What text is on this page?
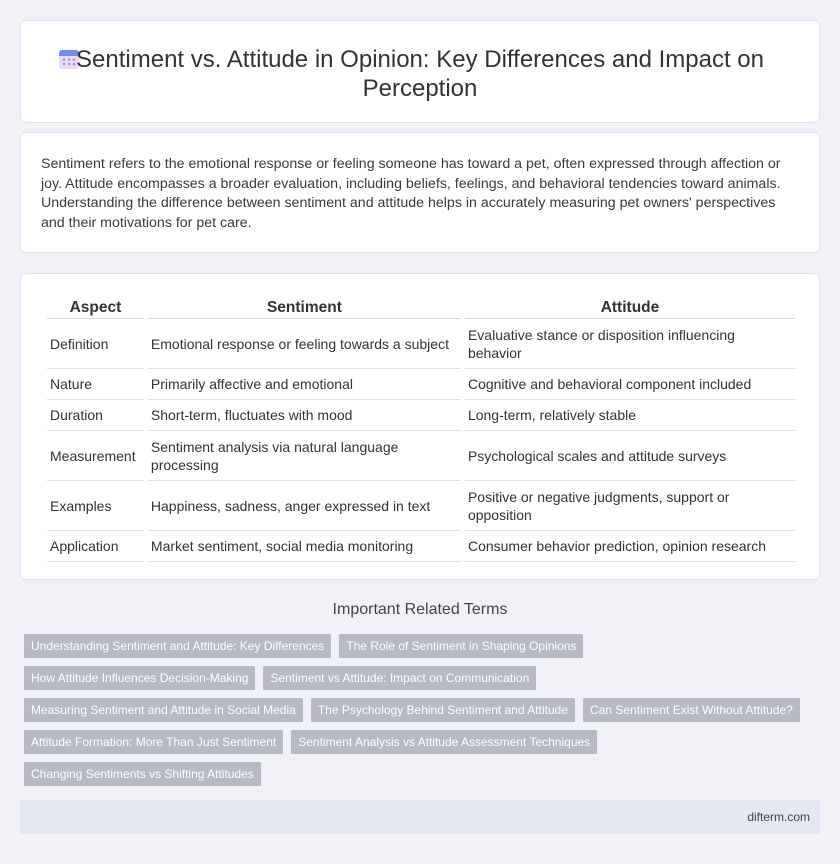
Sentiment vs. Attitude in Opinion: Key Differences and Impact on Perception

Sentiment refers to the emotional response or feeling someone has toward a pet, often expressed through affection or joy. Attitude encompasses a broader evaluation, including beliefs, feelings, and behavioral tendencies toward animals. Understanding the difference between sentiment and attitude helps in accurately measuring pet owners' perspectives and their motivations for pet care.

Aspect	Sentiment	Attitude
Definition	Emotional response or feeling towards a subject	Evaluative stance or disposition influencing behavior
Nature	Primarily affective and emotional	Cognitive and behavioral component included
Duration	Short-term, fluctuates with mood	Long-term, relatively stable
Measurement	Sentiment analysis via natural language processing	Psychological scales and attitude surveys
Examples	Happiness, sadness, anger expressed in text	Positive or negative judgments, support or opposition
Application	Market sentiment, social media monitoring	Consumer behavior prediction, opinion research
Important Related Terms
Understanding Sentiment and Attitude: Key Differences	The Role of Sentiment in Shaping Opinions
How Attitude Influences Decision-Making	Sentiment vs Attitude: Impact on Communication
Measuring Sentiment and Attitude in Social Media	The Psychology Behind Sentiment and Attitude	Can Sentiment Exist Without Attitude?
Attitude Formation: More Than Just Sentiment	Sentiment Analysis vs Attitude Assessment Techniques
Changing Sentiments vs Shifting Attitudes
difterm.com
